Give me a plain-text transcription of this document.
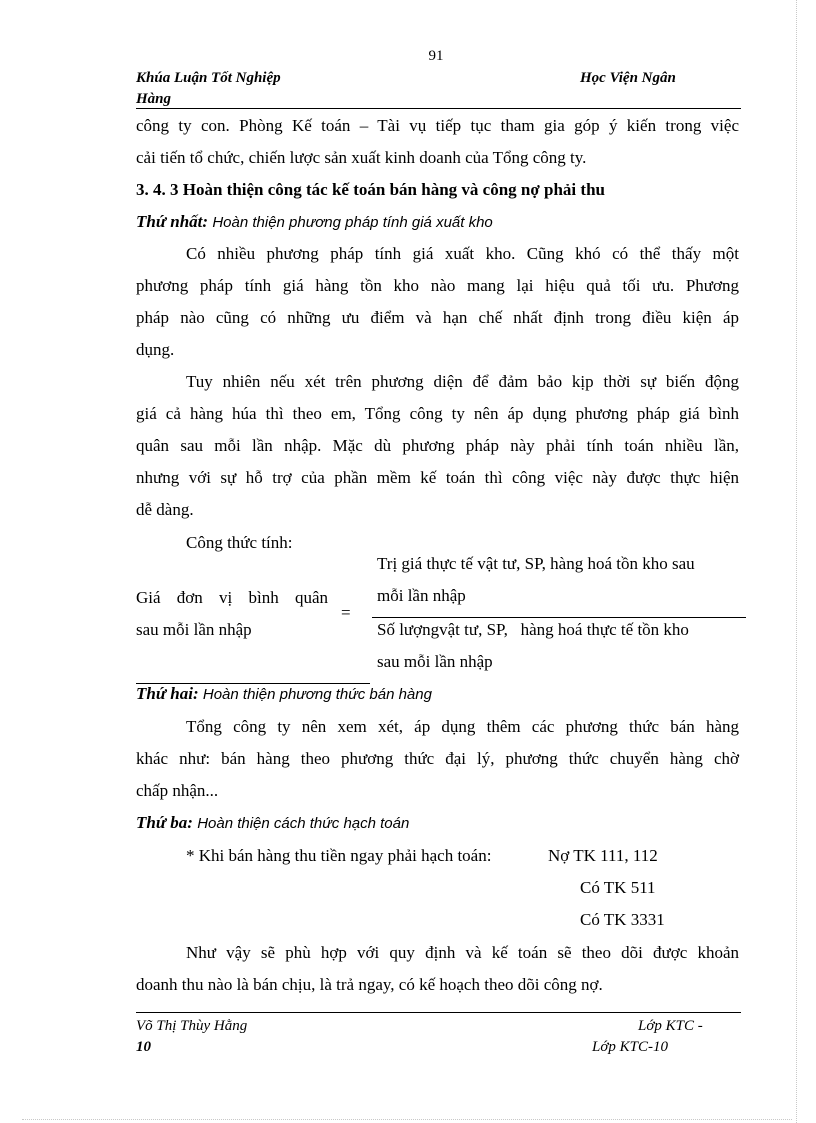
91
Khúa Luận Tốt Nghiệp
Hàng
Học Viện Ngân
công ty con. Phòng Kế toán – Tài vụ tiếp tục tham gia góp ý kiến trong việc
cải tiến tổ chức, chiến lược sản xuất kinh doanh của Tổng công ty.
3. 4. 3 Hoàn thiện công tác kế toán bán hàng và công nợ phải thu
Thứ nhất: Hoàn thiện phương pháp tính giá xuất kho
Có nhiều phương pháp tính giá xuất kho. Cũng khó có thể thấy một
phương pháp tính giá hàng tồn kho nào mang lại hiệu quả tối ưu. Phương
pháp nào cũng có những ưu điểm và hạn chế nhất định trong điều kiện áp
dụng.
Tuy nhiên nếu xét trên phương diện để đảm bảo kịp thời sự biến động
giá cả hàng húa thì theo em, Tổng công ty nên áp dụng phương pháp giá bình
quân sau mỗi lần nhập. Mặc dù phương pháp này phải tính toán nhiều lần,
nhưng với sự hỗ trợ của phần mềm kế toán thì công việc này được thực hiện
dễ dàng.
Công thức tính:
Giá đơn vị bình quân
sau mỗi lần nhập
=
Trị giá thực tế vật tư, SP, hàng hoá tồn kho sau
mỗi lần nhập
Số lượngvật tư, SP,   hàng hoá thực tế tồn kho
sau mỗi lần nhập
Thứ hai: Hoàn thiện phương thức bán hàng
Tổng công ty nên xem xét, áp dụng thêm các phương thức bán hàng
khác như: bán hàng theo phương thức đại lý, phương thức chuyển hàng chờ
chấp nhận...
Thứ ba: Hoàn thiện cách thức hạch toán
* Khi bán hàng thu tiền ngay phải hạch toán:	Nợ TK 111, 112
Có TK 511
Có TK 3331
Như vậy sẽ phù hợp với quy định và kế toán sẽ theo dõi được khoản
doanh thu nào là bán chịu, là trả ngay, có kế hoạch theo dõi công nợ.
Võ Thị Thùy Hằng
10
Lớp KTC -
Lớp KTC-10
